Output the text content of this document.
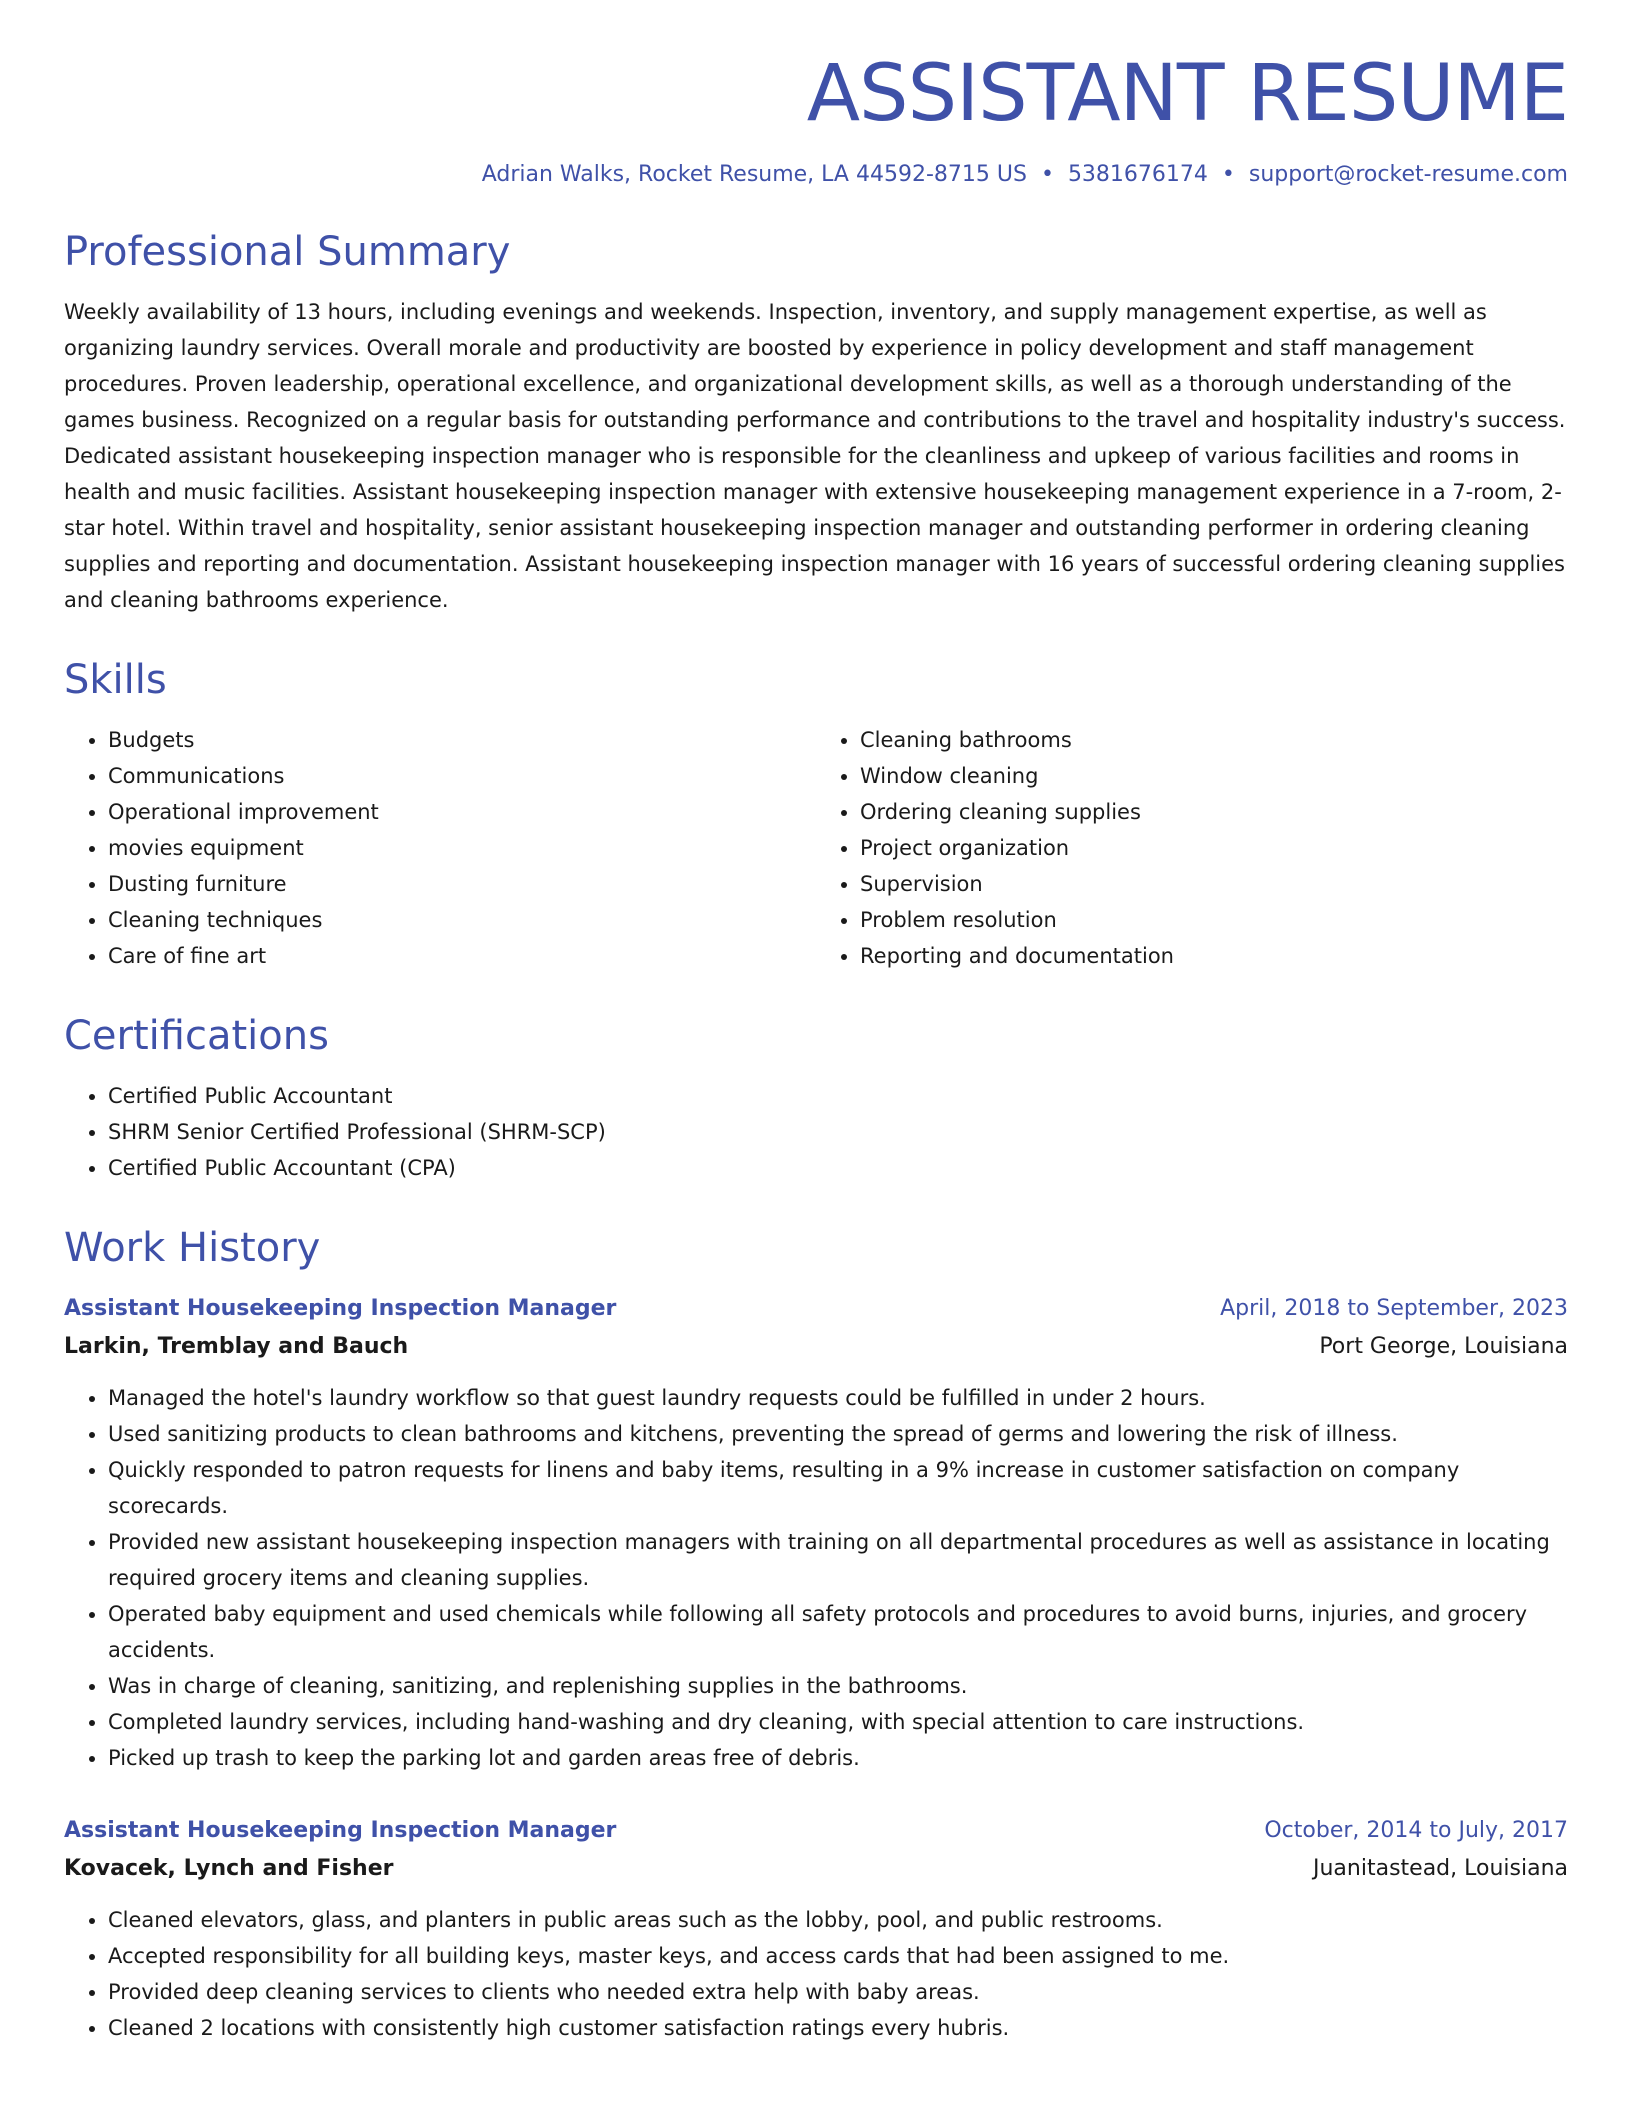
ASSISTANT RESUME
Adrian Walks, Rocket Resume, LA 44592-8715 US • 5381676174 • support@rocket-resume.com
Professional Summary

Weekly availability of 13 hours, including evenings and weekends. Inspection, inventory, and supply management expertise, as well as organizing laundry services. Overall morale and productivity are boosted by experience in policy development and staff management procedures. Proven leadership, operational excellence, and organizational development skills, as well as a thorough understanding of the games business. Recognized on a regular basis for outstanding performance and contributions to the travel and hospitality industry's success. Dedicated assistant housekeeping inspection manager who is responsible for the cleanliness and upkeep of various facilities and rooms in health and music facilities. Assistant housekeeping inspection manager with extensive housekeeping management experience in a 7-room, 2-star hotel. Within travel and hospitality, senior assistant housekeeping inspection manager and outstanding performer in ordering cleaning supplies and reporting and documentation. Assistant housekeeping inspection manager with 16 years of successful ordering cleaning supplies and cleaning bathrooms experience.

Skills
• Budgets
• Communications
• Operational improvement
• movies equipment
• Dusting furniture
• Cleaning techniques
• Care of fine art
• Cleaning bathrooms
• Window cleaning
• Ordering cleaning supplies
• Project organization
• Supervision
• Problem resolution
• Reporting and documentation
Certifications
• Certified Public Accountant
• SHRM Senior Certified Professional (SHRM-SCP)
• Certified Public Accountant (CPA)
Work History
Assistant Housekeeping Inspection Manager	April, 2018 to September, 2023
Larkin, Tremblay and Bauch	Port George, Louisiana
• Managed the hotel's laundry workflow so that guest laundry requests could be fulfilled in under 2 hours.
• Used sanitizing products to clean bathrooms and kitchens, preventing the spread of germs and lowering the risk of illness.
• Quickly responded to patron requests for linens and baby items, resulting in a 9% increase in customer satisfaction on company scorecards.
• Provided new assistant housekeeping inspection managers with training on all departmental procedures as well as assistance in locating required grocery items and cleaning supplies.
• Operated baby equipment and used chemicals while following all safety protocols and procedures to avoid burns, injuries, and grocery accidents.
• Was in charge of cleaning, sanitizing, and replenishing supplies in the bathrooms.
• Completed laundry services, including hand-washing and dry cleaning, with special attention to care instructions.
• Picked up trash to keep the parking lot and garden areas free of debris.
Assistant Housekeeping Inspection Manager	October, 2014 to July, 2017
Kovacek, Lynch and Fisher	Juanitastead, Louisiana
• Cleaned elevators, glass, and planters in public areas such as the lobby, pool, and public restrooms.
• Accepted responsibility for all building keys, master keys, and access cards that had been assigned to me.
• Provided deep cleaning services to clients who needed extra help with baby areas.
• Cleaned 2 locations with consistently high customer satisfaction ratings every hubris.
